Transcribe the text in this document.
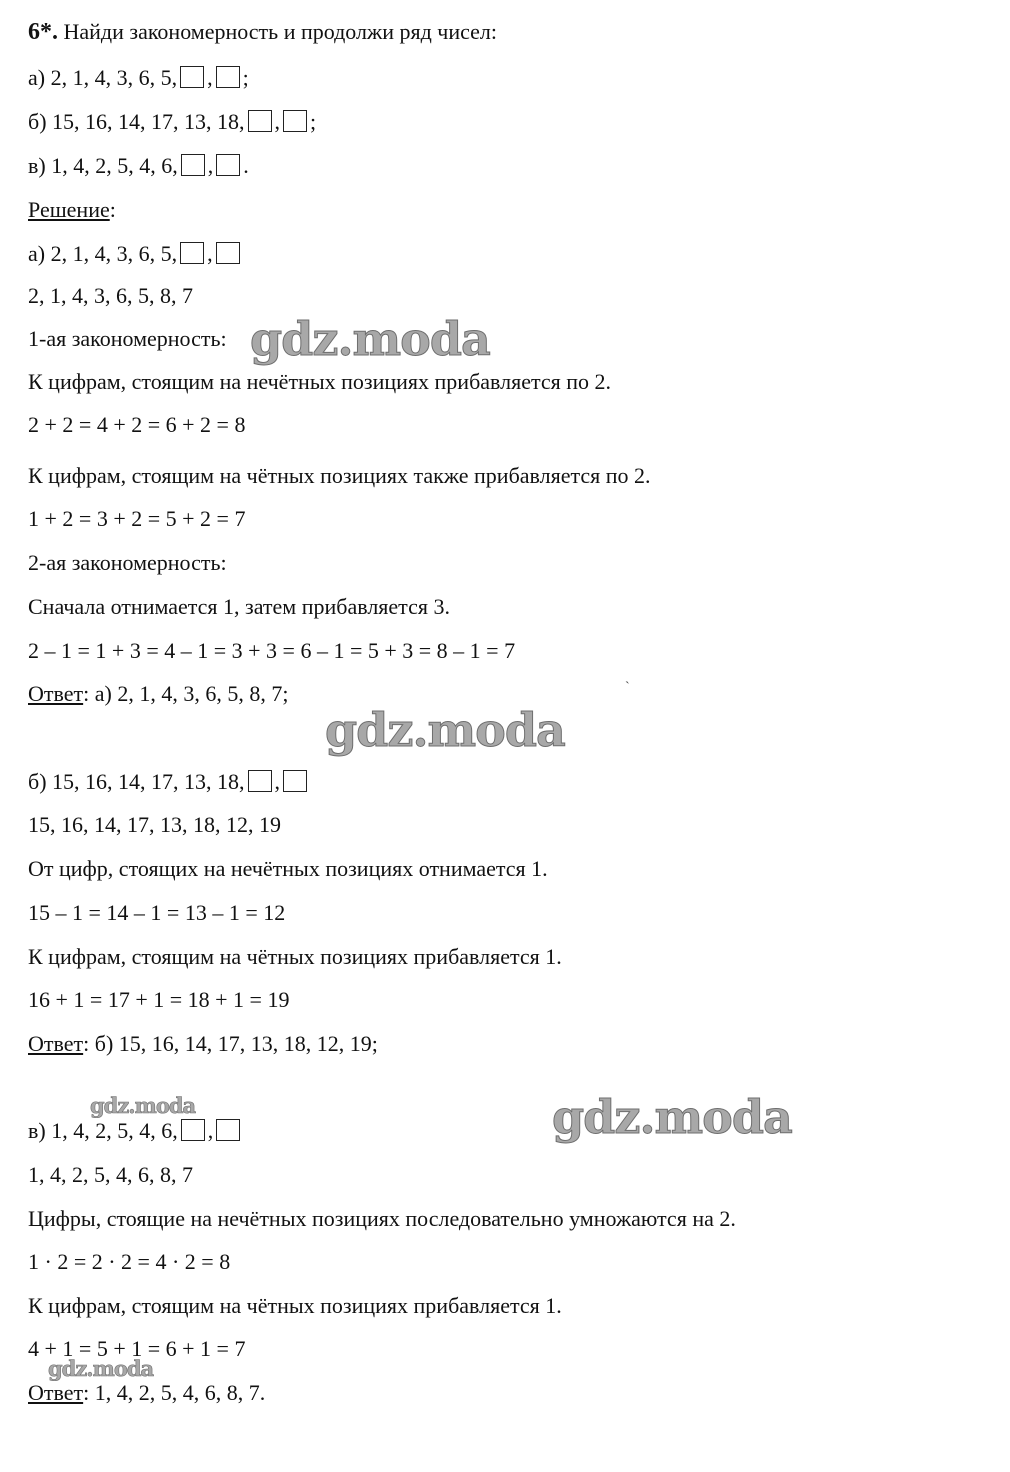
6*. Найди закономерность и продолжи ряд чисел:
а) 2, 1, 4, 3, 6, 5, , ;
б) 15, 16, 14, 17, 13, 18, , ;
в) 1, 4, 2, 5, 4, 6, , .
Решение:
а) 2, 1, 4, 3, 6, 5, ,
2, 1, 4, 3, 6, 5, 8, 7
1-ая закономерность:
К цифрам, стоящим на нечётных позициях прибавляется по 2.
2 + 2 = 4 + 2 = 6 + 2 = 8
К цифрам, стоящим на чётных позициях также прибавляется по 2.
1 + 2 = 3 + 2 = 5 + 2 = 7
2-ая закономерность:
Сначала отнимается 1, затем прибавляется 3.
2 – 1 = 1 + 3 = 4 – 1 = 3 + 3 = 6 – 1 = 5 + 3 = 8 – 1 = 7
Ответ: а) 2, 1, 4, 3, 6, 5, 8, 7;
б) 15, 16, 14, 17, 13, 18, ,
15, 16, 14, 17, 13, 18, 12, 19
От цифр, стоящих на нечётных позициях отнимается 1.
15 – 1 = 14 – 1 = 13 – 1 = 12
К цифрам, стоящим на чётных позициях прибавляется 1.
16 + 1 = 17 + 1 = 18 + 1 = 19
Ответ: б) 15, 16, 14, 17, 13, 18, 12, 19;
в) 1, 4, 2, 5, 4, 6, ,
1, 4, 2, 5, 4, 6, 8, 7
Цифры, стоящие на нечётных позициях последовательно умножаются на 2.
1 · 2 = 2 · 2 = 4 · 2 = 8
К цифрам, стоящим на чётных позициях прибавляется 1.
4 + 1 = 5 + 1 = 6 + 1 = 7
Ответ: 1, 4, 2, 5, 4, 6, 8, 7.
gdz.moda
gdz.moda
gdz.moda
gdz.moda
gdz.moda
`
